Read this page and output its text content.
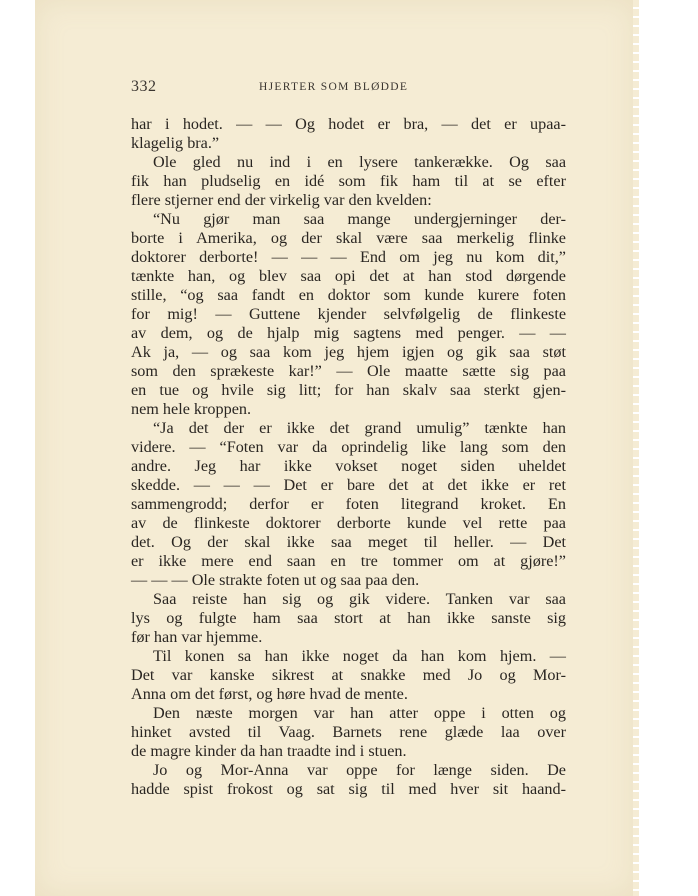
332	HJERTER SOM BLØDDE
har i hodet. — — Og hodet er bra, — det er upaa-
klagelig bra.”
Ole gled nu ind i en lysere tankerække. Og saa
fik han pludselig en idé som fik ham til at se efter
flere stjerner end der virkelig var den kvelden:
“Nu gjør man saa mange undergjerninger der-
borte i Amerika, og der skal være saa merkelig flinke
doktorer derborte! — — — End om jeg nu kom dit,”
tænkte han, og blev saa opi det at han stod dørgende
stille, “og saa fandt en doktor som kunde kurere foten
for mig! — Guttene kjender selvfølgelig de flinkeste
av dem, og de hjalp mig sagtens med penger. — —
Ak ja, — og saa kom jeg hjem igjen og gik saa støt
som den sprækeste kar!” — Ole maatte sætte sig paa
en tue og hvile sig litt; for han skalv saa sterkt gjen-
nem hele kroppen.
“Ja det der er ikke det grand umulig” tænkte han
videre. — “Foten var da oprindelig like lang som den
andre. Jeg har ikke vokset noget siden uheldet
skedde. — — — Det er bare det at det ikke er ret
sammengrodd; derfor er foten litegrand kroket. En
av de flinkeste doktorer derborte kunde vel rette paa
det. Og der skal ikke saa meget til heller. — Det
er ikke mere end saan en tre tommer om at gjøre!”
— — — Ole strakte foten ut og saa paa den.
Saa reiste han sig og gik videre. Tanken var saa
lys og fulgte ham saa stort at han ikke sanste sig
før han var hjemme.
Til konen sa han ikke noget da han kom hjem. —
Det var kanske sikrest at snakke med Jo og Mor-
Anna om det først, og høre hvad de mente.
Den næste morgen var han atter oppe i otten og
hinket avsted til Vaag. Barnets rene glæde laa over
de magre kinder da han traadte ind i stuen.
Jo og Mor-Anna var oppe for længe siden. De
hadde spist frokost og sat sig til med hver sit haand-
